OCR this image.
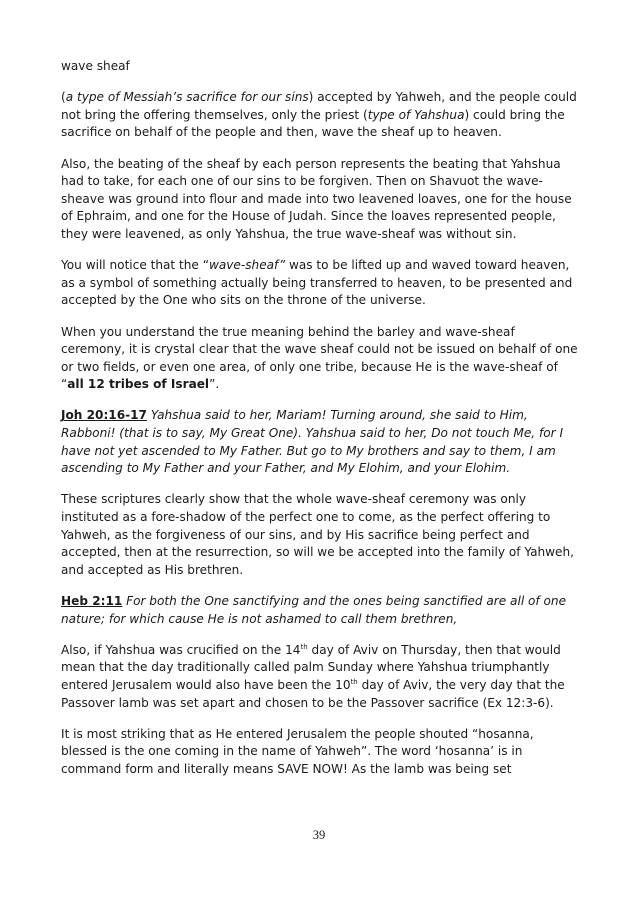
wave sheaf

(a type of Messiah’s sacrifice for our sins) accepted by Yahweh, and the people could not bring the offering themselves, only the priest (type of Yahshua) could bring the sacrifice on behalf of the people and then, wave the sheaf up to heaven.

Also, the beating of the sheaf by each person represents the beating that Yahshua had to take, for each one of our sins to be forgiven. Then on Shavuot the wave-sheave was ground into flour and made into two leavened loaves, one for the house of Ephraim, and one for the House of Judah. Since the loaves represented people, they were leavened, as only Yahshua, the true wave-sheaf was without sin.

You will notice that the “wave-sheaf” was to be lifted up and waved toward heaven, as a symbol of something actually being transferred to heaven, to be presented and accepted by the One who sits on the throne of the universe.

When you understand the true meaning behind the barley and wave-sheaf ceremony, it is crystal clear that the wave sheaf could not be issued on behalf of one or two fields, or even one area, of only one tribe, because He is the wave-sheaf of “all 12 tribes of Israel”.

Joh 20:16-17 Yahshua said to her, Mariam! Turning around, she said to Him, Rabboni! (that is to say, My Great One). Yahshua said to her, Do not touch Me, for I have not yet ascended to My Father. But go to My brothers and say to them, I am ascending to My Father and your Father, and My Elohim, and your Elohim.

These scriptures clearly show that the whole wave-sheaf ceremony was only instituted as a fore-shadow of the perfect one to come, as the perfect offering to Yahweh, as the forgiveness of our sins, and by His sacrifice being perfect and accepted, then at the resurrection, so will we be accepted into the family of Yahweh, and accepted as His brethren.

Heb 2:11 For both the One sanctifying and the ones being sanctified are all of one nature; for which cause He is not ashamed to call them brethren,

Also, if Yahshua was crucified on the 14th day of Aviv on Thursday, then that would mean that the day traditionally called palm Sunday where Yahshua triumphantly entered Jerusalem would also have been the 10th day of Aviv, the very day that the Passover lamb was set apart and chosen to be the Passover sacrifice (Ex 12:3-6).

It is most striking that as He entered Jerusalem the people shouted “hosanna, blessed is the one coming in the name of Yahweh”. The word ‘hosanna’ is in command form and literally means SAVE NOW! As the lamb was being set

39
